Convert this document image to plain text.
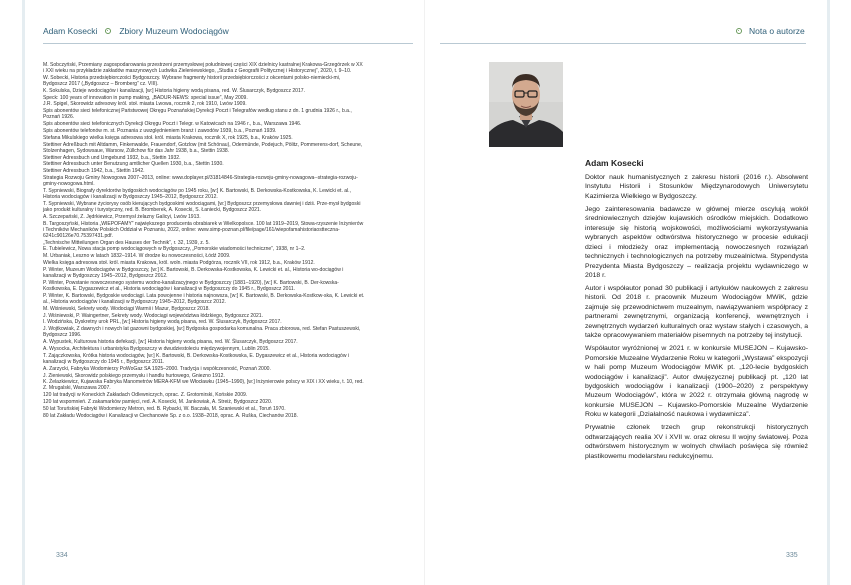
Adam Kosecki	Zbiory Muzeum Wodociągów	Nota o autorze

M. Sobczyński, Przemiany zagospodarowania przestrzeni przemysłowej południowej części XIX dzielnicy kastralnej Krakowa-Grzegórzek w XX i XXI wieku na przykładzie zakładów maszynowych Ludwika Zieleniewskiego, „Studia z Geografii Politycznej i Historycznej”, 2020, t. 9–10.

W. Sobecki, Historia przedsiębiorczości Bydgoszczy. Wybrane fragmenty historii przedsiębiorczości z okcentami polsko-niemiecki-mi, Bydgoszcz 2017 („Bydgoszcz – Bromberg” cz. VIII).

K. Sokulska, Dzieje wodociągów i kanalizacji, [w:] Historia higieny wodą pisana, red. W. Ślusarczyk, Bydgoszcz 2017.

Speck: 100 years of innovation in pump making, „BADUR-NEWS: special issue”, May 2009.

J.R. Spigel, Skorowidz adresowy król. stoł. miasta Lwowa, rocznik 2, rok 1910, Lwów 1909.

Spis abonentów sieci telefonicznej Państwowej Okręgu Poznańskiej Dyrekcji Poczt i Telegrafów według stanu z dn. 1 grudnia 1926 r., b.a., Poznań 1926.

Spis abonentów sieci telefonicznych Dyrekcji Okręgu Poczt i Telegr. w Katowicach na 1946 r., b.a., Warszawa 1946.

Spis abonentów telefonów m. st. Poznania z uwzględnieniem branż i zawodów 1939, b.a., Poznań 1939.

Stefana Mikulskiego wielka księga adresowa stoł. król. miasta Krakowa, rocznik X, rok 1925, b.a., Kraków 1925.

Stettiner Adreßbuch mit Altdamm, Finkenwalde, Frauendorf, Gotzlow (mit Schönau), Odermünde, Podejuch, Pölitz, Pommerens-dorf, Scheune, Stolzenhagen, Sydowsaue, Warsow, Züllchow für das Jahr 1938, b.a., Stettin 1938.

Stettiner Adressbuch und Umgebund 1932, b.a., Stettin 1932.

Stettiner Adressbuch unter Benutzung amtlicher Quellen 1930, b.a., Stettin 1930.

Stettiner Adressbuch 1942, b.a., Stettin 1942.

Strategia Rozwoju Gminy Nowogowa 2007–2013, online: www.doplayer.pl/31814846-Strategia-rozwoju-gminy-nowagowa--strategia-rozwoju-gminy-nowogowa.html.

T. Sypniewski, Biografy dyrektorów bydgoskich wodociągów po 1945 roku, [w:] K. Bartowski, B. Derkowska-Kostkowska, K. Lewicki et. al., Historia wodociągów i kanalizacji w Bydgoszczy 1945–2012, Bydgoszcz 2012.

T. Sypniewski, Wybrane życiorysy osób kierujących bydgoskimi wodociągami, [w:] Bydgoszcz przemysłowa dawniej i dziś. Prze-mysł bydgoski jako produkt kulturalny i turystyczny, red. B. Bromberek, A. Kosecki, S. Łaniecki, Bydgoszcz 2021.

A. Szczepański, Z. Jędrkiewicz, Przemysł żelazny Galicyi, Lwów 1913.

B. Targoszyński, Historia „WIEPOFAMY” największego producenta obrabiarek w Wielkopolsce. 100 lat 1919–2019, Stowa-rzyszenie Inżynierów i Techników Mechaników Polskich Oddział w Poznaniu, 2022, online: www.simp-poznan.pl/file/page/161/wiepofamahistoriaostteczna-6241c90126e70.75397431.pdf.

„Technische Mitteilungen Organ des Hauses der Technik”, r. 32, 1939, z. 5.

E. Tubielewicz, Nowa stacja pomp wodociągowych w Bydgoszczy, „Pomorskie wiadomości techniczne”, 1938, nr 1–2.

M. Urbaniak, Leszno w latach 1832–1914. W drodze ku nowoczesności, Łódź 2009.

Wielka księga adresowa stoł. król. miasta Krakowa, król. woln. miasta Podgórza, rocznik VII, rok 1912, b.a., Kraków 1912.

P. Winter, Muzeum Wodociągów w Bydgoszczy, [w:] K. Bartowski, B. Derkowska-Kostkowska, K. Lewicki et. al., Historia wo-dociągów i kanalizacji w Bydgoszczy 1945–2012, Bydgoszcz 2012.

P. Winter, Powstanie nowoczesnego systemu wodno-kanalizacyjnego w Bydgoszczy (1881–1920), [w:] K. Bartowski, B. Der-kowska-Kostkowska, E. Dygaszewicz et al., Historia wodociągów i kanalizacji w Bydgoszczy do 1945 r., Bydgoszcz 2011.

P. Winter, K. Bartowski, Bydgoskie wodociągi. Lata powojenne i historia najnowsza, [w:] K. Bartowski, B. Derkowska-Kostkow-ska, K. Lewicki et. al., Historia wodociągów i kanalizacji w Bydgoszczy 1945–2012, Bydgoszcz 2012.

M. Wiśniewski, Sekrety wody. Wodociągi Warmii i Mazur, Bydgoszcz 2018.

J. Wiśniewski, P. Waingertner, Sekrety wody. Wodociągi województwa łódzkiego, Bydgoszcz 2021.

I. Wodzińska, Dyskretny urok PRL, [w:] Historia higieny wodą pisana, red. W. Ślusarczyk, Bydgoszcz 2017.

J. Wojtkowiak, Z dawnych i nowych lat gazowni bydgoskiej, [w:] Bydgoska gospodarka komunalna. Praca zbiorowa, red. Stefan Pastuszewski, Bydgoszcz 1996.

A. Wypustek, Kulturowa historia defekacji, [w:] Historia higieny wodą pisana, red. W. Ślusarczyk, Bydgoszcz 2017.

A. Wysocka, Architektura i urbanistyka Bydgoszczy w dwudziestoleciu międzywojennym, Lublin 2015.

T. Zajączkowska, Krótka historia wodociągów, [w:] K. Bartowski, B. Derkowska-Kostkowska, E. Dygaszewicz et al., Historia wodociągów i kanalizacji w Bydgoszczy do 1945 r., Bydgoszcz 2011.

A. Zarzycki, Fabryka Wodomierzy PoWoGaz SA 1925–2000. Tradycja i współczesność, Poznań 2000.

J. Zieniewski, Skorowidz polskiego przemysłu i handlu hurtowego, Gniezno 1912.

K. Żelazkiewicz, Kujawska Fabryka Manometrów MERA-KFM we Włocławku (1945–1990), [w:] Inżynierowie polscy w XIX i XX wieku, t. 10, red. Z. Mrugalski, Warszawa 2007.

120 lat tradycji w Koneckich Zakładach Odlewniczych, oprac. Z. Grotomirski, Końskie 2009.

120 lat wspomnień. Z zakamarków pamięci, red. A. Kosecki, M. Jankowiak, A. Streiż, Bydgoszcz 2020.

50 lat Toruńskiej Fabryki Wodomierzy Metron, red. B. Rybacki, W. Baczała, M. Szaniewski et al., Toruń 1970.

80 lat Zakładu Wodociągów i Kanalizacji w Ciechanowie Sp. z o.o. 1938–2018, oprac. A. Ruška, Ciechanów 2018.

Adam Kosecki

Doktor nauk humanistycznych z zakresu historii (2016 r.). Absolwent Instytutu Historii i Stosunków Międzynarodowych Uniwersytetu Kazimierza Wielkiego w Bydgoszczy.

Jego zainteresowania badawcze w głównej mierze oscylują wokół średniowiecznych dziejów kujawskich ośrodków miejskich. Dodatkowo interesuje się historią wojskowości, możliwościami wykorzystywania wybranych aspektów odtwórstwa historycznego w procesie edukacji dzieci i młodzieży oraz implementacją nowoczesnych rozwiązań technicznych i technologicznych na potrzeby muzealnictwa. Stypendysta Prezydenta Miasta Bydgoszczy – realizacja projektu wydawniczego w 2018 r.

Autor i współautor ponad 30 publikacji i artykułów naukowych z zakresu historii. Od 2018 r. pracownik Muzeum Wodociągów MWiK, gdzie zajmuje się przewodnictwem muzealnym, nawiązywaniem współpracy z partnerami zewnętrznymi, organizacją konferencji, wewnętrznych i zewnętrznych wydarzeń kulturalnych oraz wystaw stałych i czasowych, a także opracowywaniem materiałów pisemnych na potrzeby tej instytucji.

Współautor wyróżnionej w 2021 r. w konkursie MUSEJON – Kujawsko-Pomorskie Muzealne Wydarzenie Roku w kategorii „Wystawa” ekspozycji w hali pomp Muzeum Wodociągów MWiK pt. „120-lecie bydgoskich wodociągów i kanalizacji”. Autor dwujęzycznej publikacji pt. „120 lat bydgoskich wodociągów i kanalizacji (1900–2020) z perspektywy Muzeum Wodociągów”, która w 2022 r. otrzymała główną nagrodę w konkursie MUSEJON – Kujawsko-Pomorskie Muzealne Wydarzenie Roku w kategorii „Działalność naukowa i wydawnicza”.

Prywatnie członek trzech grup rekonstrukcji historycznych odtwarzających realia XV i XVII w. oraz okresu II wojny światowej. Poza odtwórstwem historycznym w wolnych chwilach poświęca się również plastikowemu modelarstwu redukcyjnemu.

334	335
